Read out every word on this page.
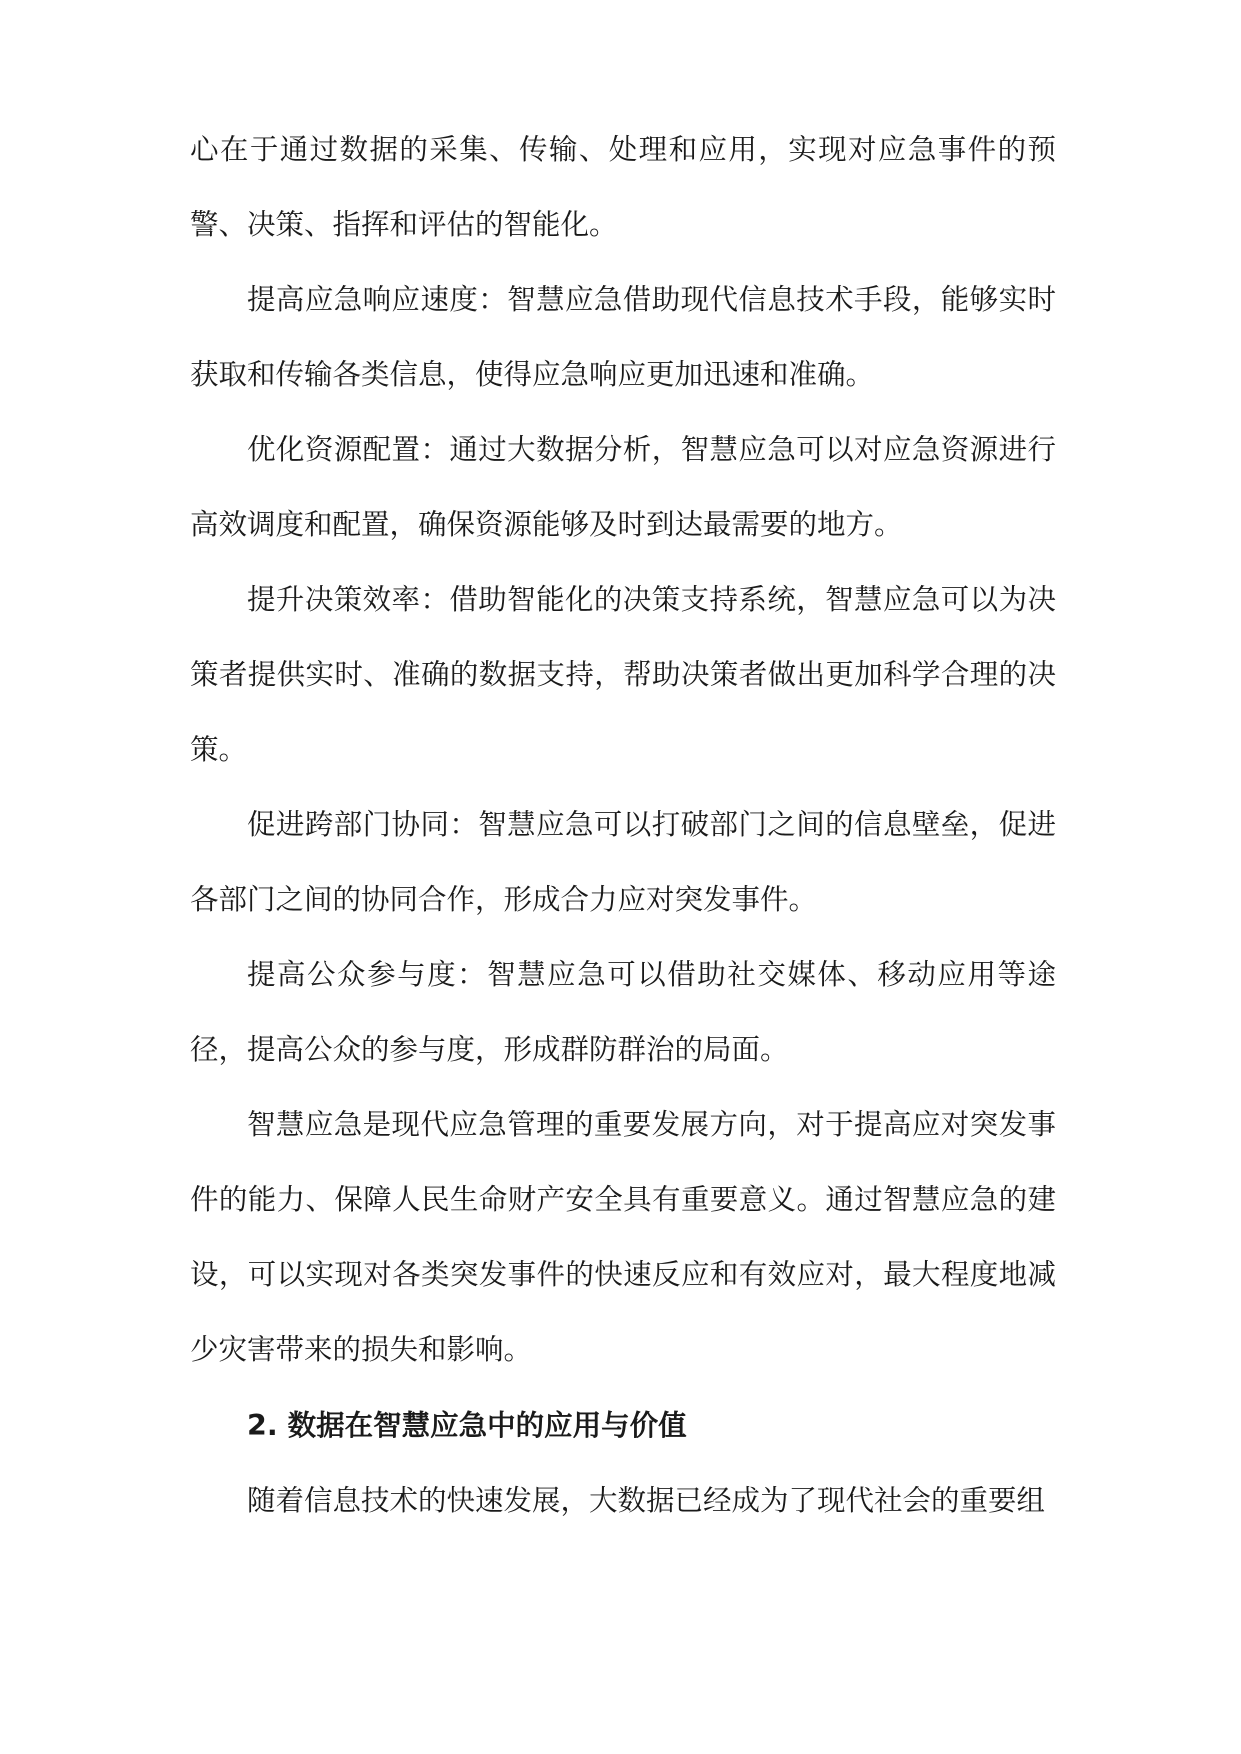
心在于通过数据的采集、传输、处理和应用，实现对应急事件的预警、决策、指挥和评估的智能化。

提高应急响应速度：智慧应急借助现代信息技术手段，能够实时获取和传输各类信息，使得应急响应更加迅速和准确。

优化资源配置：通过大数据分析，智慧应急可以对应急资源进行高效调度和配置，确保资源能够及时到达最需要的地方。

提升决策效率：借助智能化的决策支持系统，智慧应急可以为决策者提供实时、准确的数据支持，帮助决策者做出更加科学合理的决策。

促进跨部门协同：智慧应急可以打破部门之间的信息壁垒，促进各部门之间的协同合作，形成合力应对突发事件。

提高公众参与度：智慧应急可以借助社交媒体、移动应用等途径，提高公众的参与度，形成群防群治的局面。

智慧应急是现代应急管理的重要发展方向，对于提高应对突发事件的能力、保障人民生命财产安全具有重要意义。通过智慧应急的建设，可以实现对各类突发事件的快速反应和有效应对，最大程度地减少灾害带来的损失和影响。

2. 数据在智慧应急中的应用与价值

随着信息技术的快速发展，大数据已经成为了现代社会的重要组
